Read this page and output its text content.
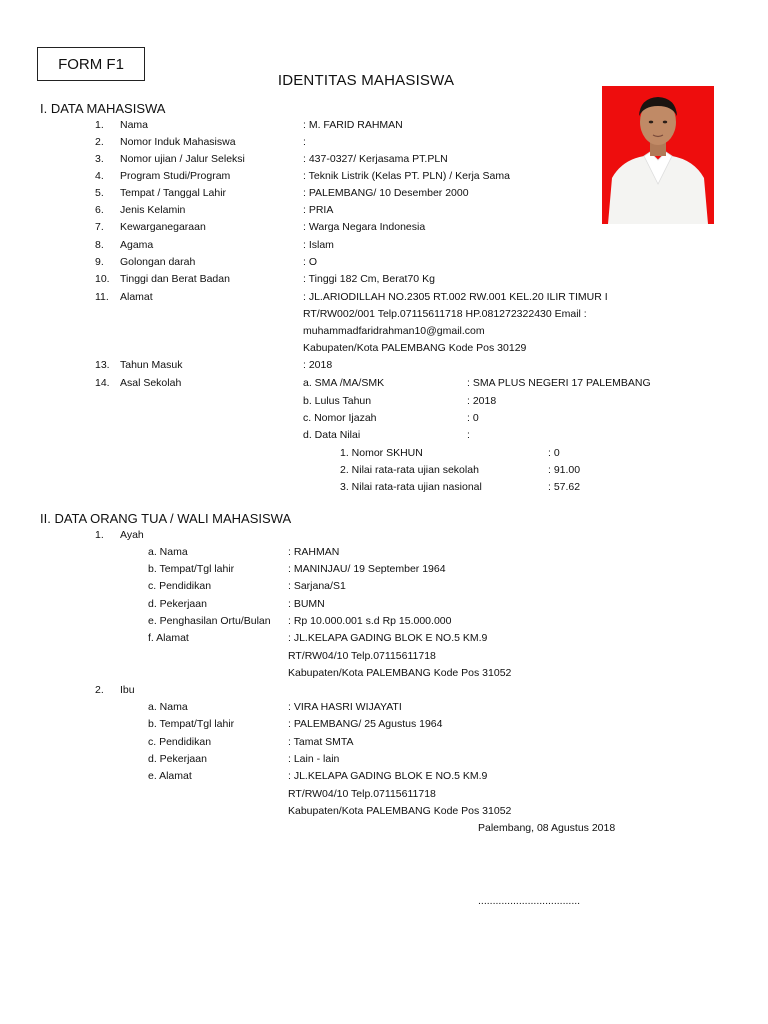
FORM F1
IDENTITAS MAHASISWA
I. DATA MAHASISWA
1. Nama	: M. FARID RAHMAN
2. Nomor Induk Mahasiswa	:
3. Nomor ujian / Jalur Seleksi	: 437-0327/ Kerjasama PT.PLN
4. Program Studi/Program	: Teknik Listrik (Kelas PT. PLN) / Kerja Sama
5. Tempat / Tanggal Lahir	: PALEMBANG/ 10 Desember 2000
6. Jenis Kelamin	: PRIA
7. Kewarganegaraan	: Warga Negara Indonesia
8. Agama	: Islam
9. Golongan darah	: O
10. Tinggi dan Berat Badan	: Tinggi 182 Cm, Berat70 Kg
11. Alamat	: JL.ARIODILLAH NO.2305 RT.002 RW.001 KEL.20 ILIR TIMUR I
RT/RW002/001 Telp.07115611718 HP.081272322430 Email :
muhammadfaridrahman10@gmail.com
Kabupaten/Kota PALEMBANG Kode Pos 30129
13. Tahun Masuk	: 2018
14. Asal Sekolah	a. SMA /MA/SMK	: SMA PLUS NEGERI 17 PALEMBANG
b. Lulus Tahun	: 2018
c. Nomor Ijazah	: 0
d. Data Nilai	:
1. Nomor SKHUN	: 0
2. Nilai rata-rata ujian sekolah	: 91.00
3. Nilai rata-rata ujian nasional	: 57.62
II. DATA ORANG TUA / WALI MAHASISWA
1. Ayah
a. Nama	: RAHMAN
b. Tempat/Tgl lahir	: MANINJAU/ 19 September 1964
c. Pendidikan	: Sarjana/S1
d. Pekerjaan	: BUMN
e. Penghasilan Ortu/Bulan : Rp 10.000.001 s.d Rp 15.000.000
f. Alamat	: JL.KELAPA GADING BLOK E NO.5 KM.9
RT/RW04/10 Telp.07115611718
Kabupaten/Kota PALEMBANG Kode Pos 31052
2. Ibu
a. Nama	: VIRA HASRI WIJAYATI
b. Tempat/Tgl lahir	: PALEMBANG/ 25 Agustus 1964
c. Pendidikan	: Tamat SMTA
d. Pekerjaan	: Lain - lain
e. Alamat	: JL.KELAPA GADING BLOK E NO.5 KM.9
RT/RW04/10 Telp.07115611718
Kabupaten/Kota PALEMBANG Kode Pos 31052
Palembang, 08 Agustus 2018
...................................
